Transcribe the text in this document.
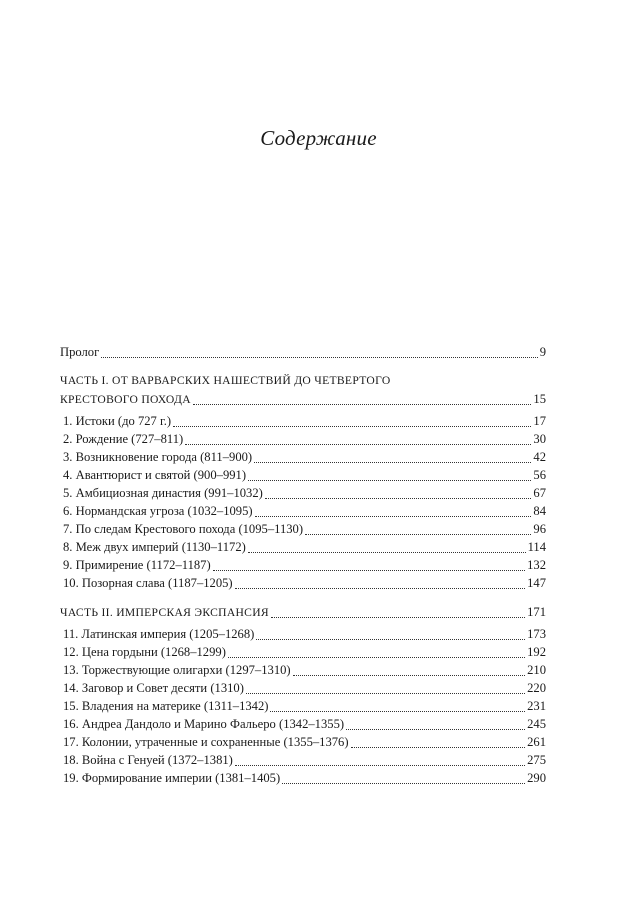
Содержание
Пролог	9
ЧАСТЬ I. ОТ ВАРВАРСКИХ НАШЕСТВИЙ ДО ЧЕТВЕРТОГО
КРЕСТОВОГО ПОХОДА	15
1. Истоки (до 727 г.)	17
2. Рождение (727–811)	30
3. Возникновение города (811–900)	42
4. Авантюрист и святой (900–991)	56
5. Амбициозная династия (991–1032)	67
6. Нормандская угроза (1032–1095)	84
7. По следам Крестового похода (1095–1130)	96
8. Меж двух империй (1130–1172)	114
9. Примирение (1172–1187)	132
10. Позорная слава (1187–1205)	147
ЧАСТЬ II. ИМПЕРСКАЯ ЭКСПАНСИЯ	171
11. Латинская империя (1205–1268)	173
12. Цена гордыни (1268–1299)	192
13. Торжествующие олигархи (1297–1310)	210
14. Заговор и Совет десяти (1310)	220
15. Владения на материке (1311–1342)	231
16. Андреа Дандоло и Марино Фальеро (1342–1355)	245
17. Колонии, утраченные и сохраненные (1355–1376)	261
18. Война с Генуей (1372–1381)	275
19. Формирование империи (1381–1405)	290
